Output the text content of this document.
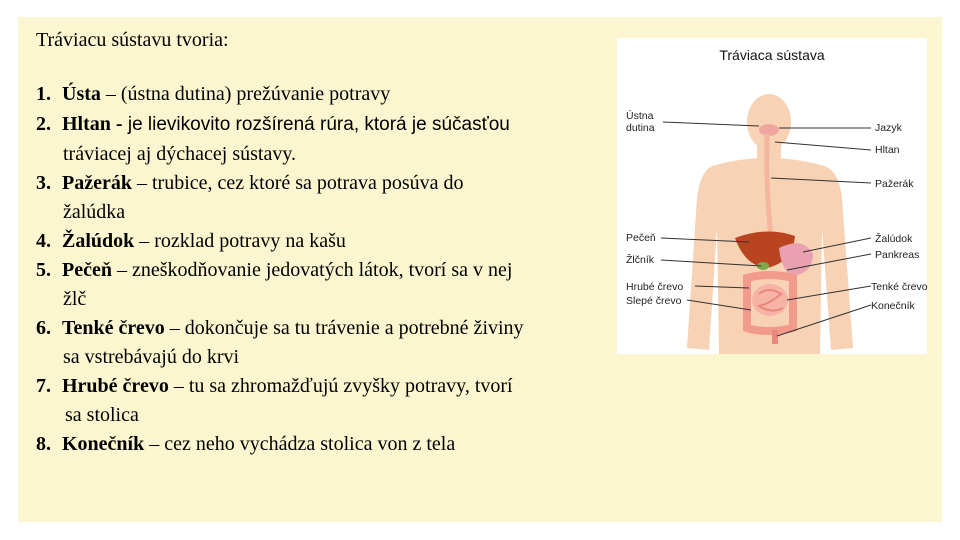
Tráviacu sústavu tvoria:
1. Ústa – (ústna dutina) prežúvanie potravy
2. Hltan - je lievikovito rozšírená rúra, ktorá je súčasťou
tráviacej aj dýchacej sústavy.
3. Pažerák – trubice, cez ktoré sa potrava posúva do
žalúdka
4. Žalúdok – rozklad potravy na kašu
5. Pečeň – zneškodňovanie jedovatých látok, tvorí sa v nej
žlč
6. Tenké črevo – dokončuje sa tu trávenie a potrebné živiny
sa vstrebávajú do krvi
7. Hrubé črevo – tu sa zhromažďujú zvyšky potravy, tvorí
sa stolica
8. Konečník – cez neho vychádza stolica von z tela
Tráviaca sústava
Ústna
dutina
Pečeň
Žlčník
Hrubé črevo
Slepé črevo
Jazyk
Hltan
Pažerák
Žalúdok
Pankreas
Tenké črevo
Konečník
